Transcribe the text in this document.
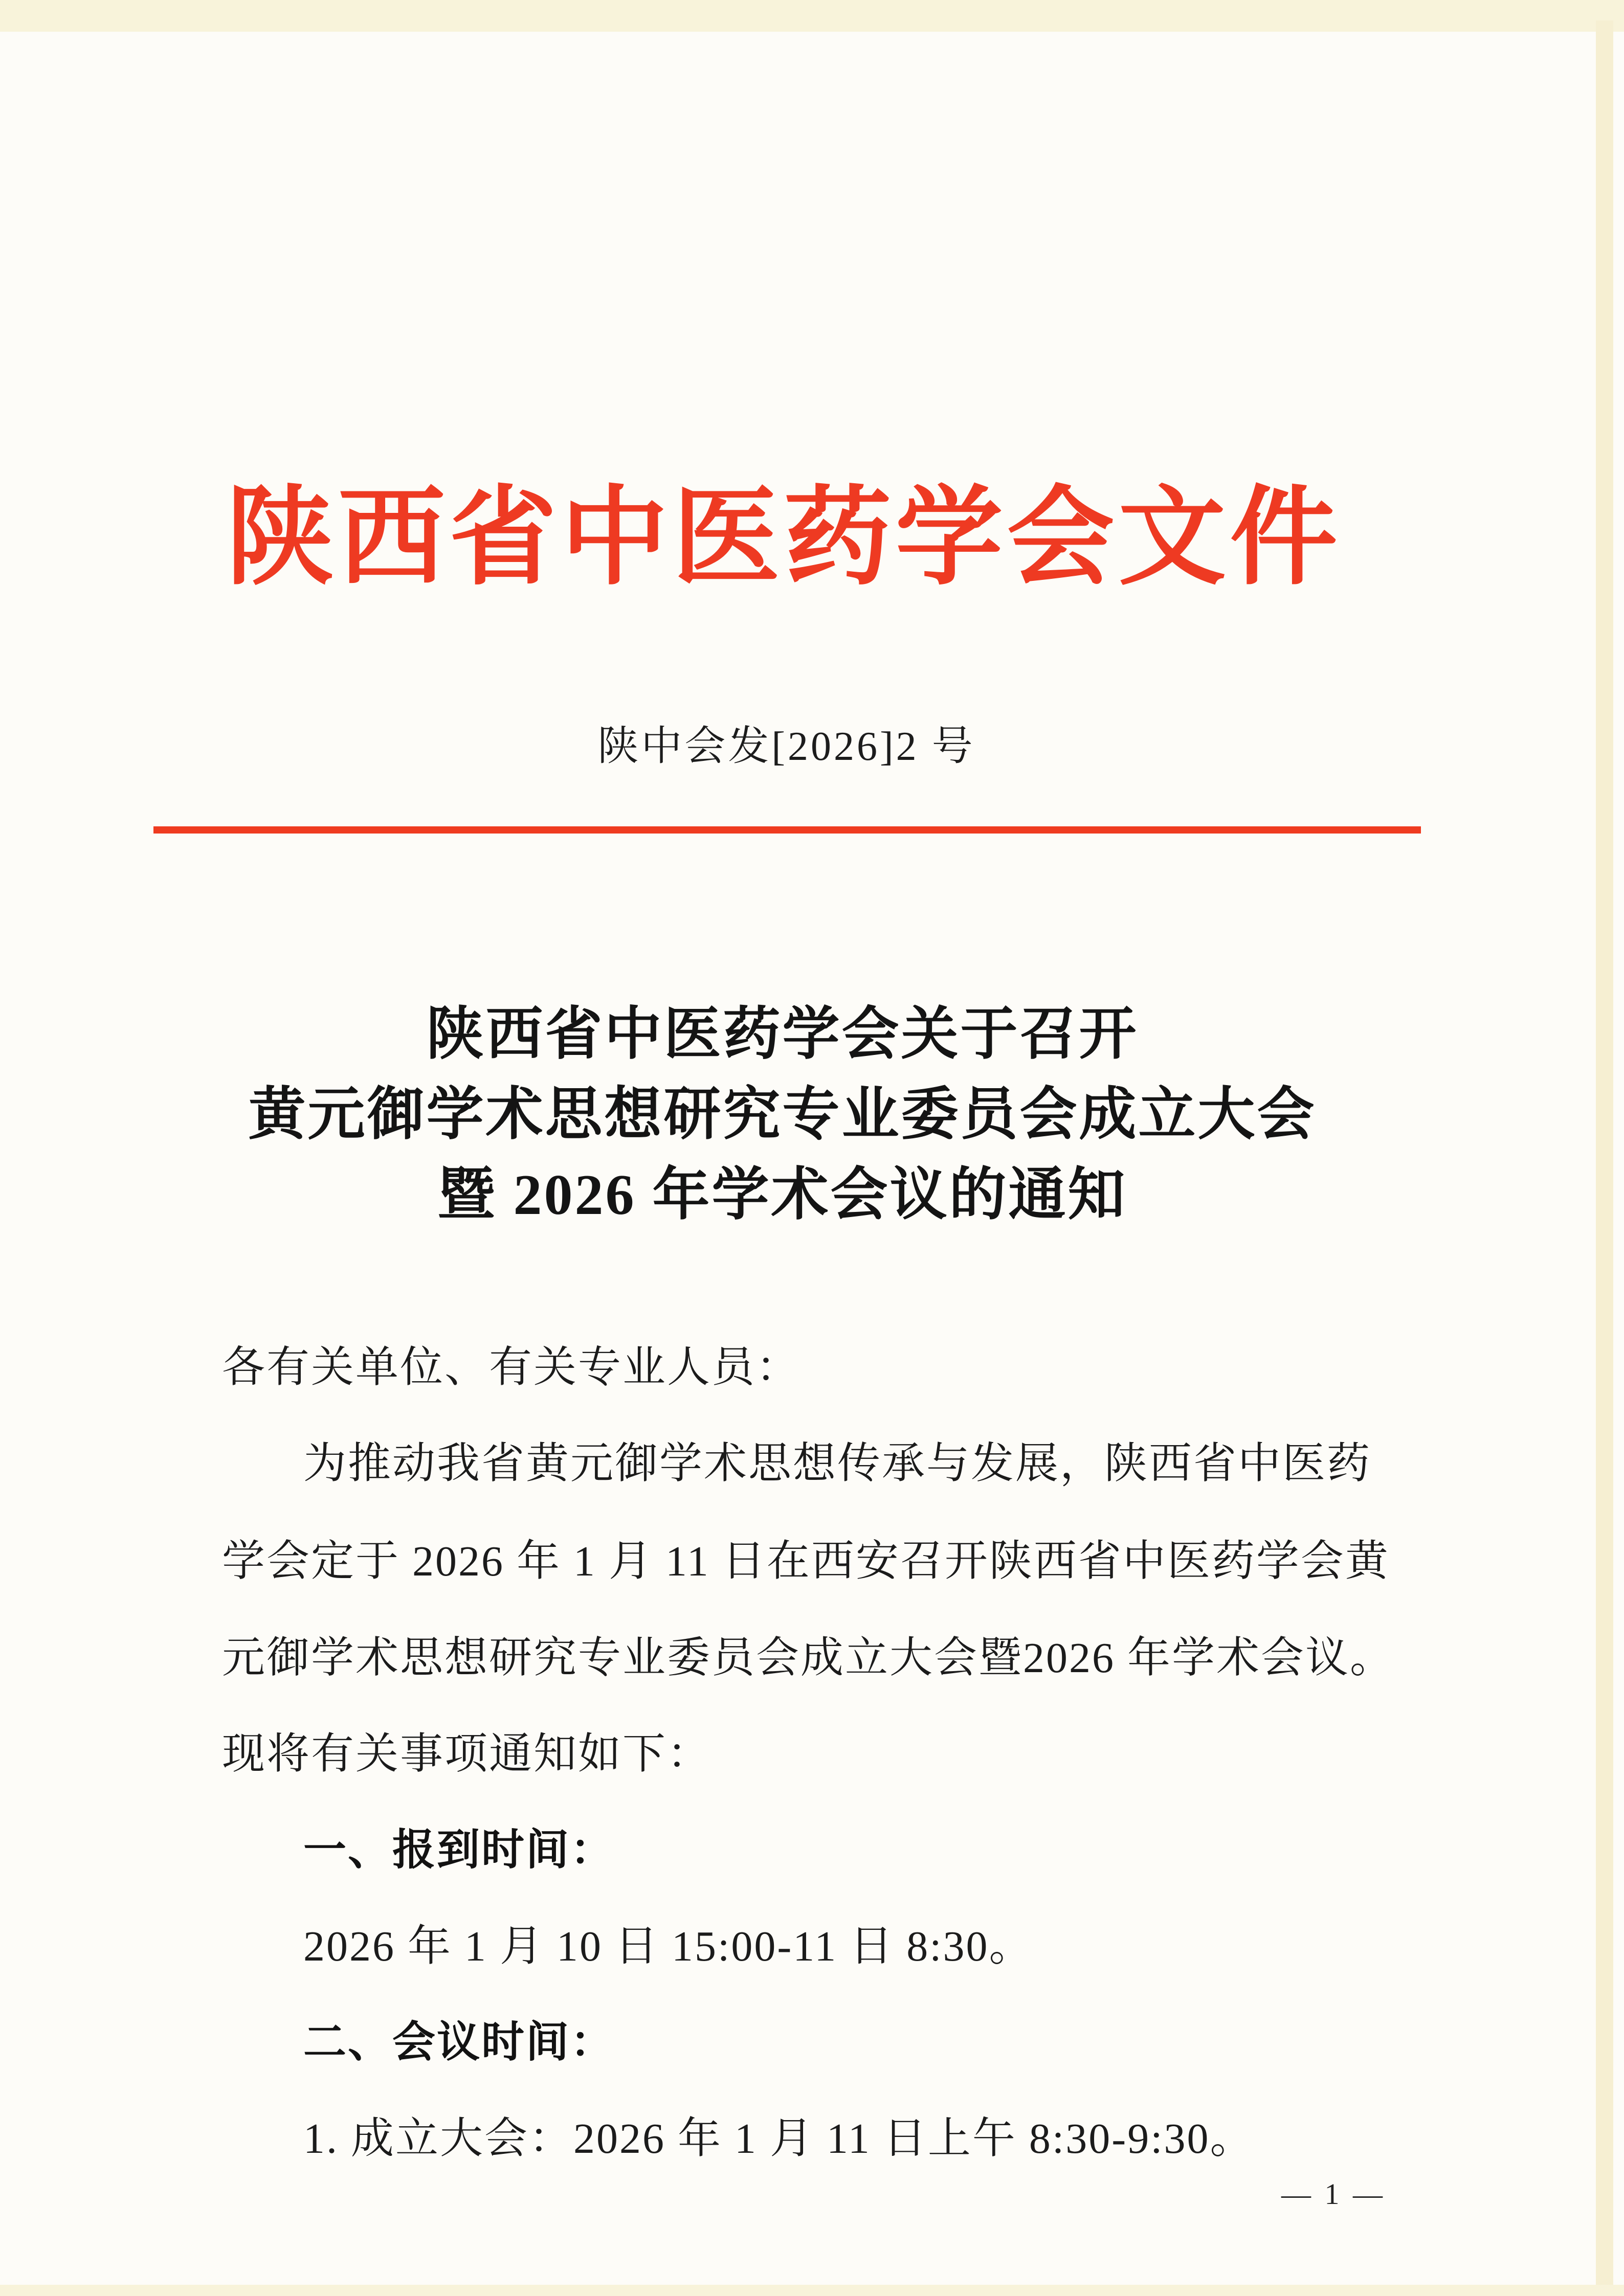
陕西省中医药学会文件
陕中会发[2026]2 号
陕西省中医药学会关于召开
黄元御学术思想研究专业委员会成立大会
暨 2026 年学术会议的通知
各有关单位、有关专业人员：
为推动我省黄元御学术思想传承与发展，陕西省中医药
学会定于 2026 年 1 月 11 日在西安召开陕西省中医药学会黄
元御学术思想研究专业委员会成立大会暨2026 年学术会议。
现将有关事项通知如下：
一、报到时间：
2026 年 1 月 10 日 15:00-11 日 8:30。
二、会议时间：
1. 成立大会：2026 年 1 月 11 日上午 8:30-9:30。
— 1 —
